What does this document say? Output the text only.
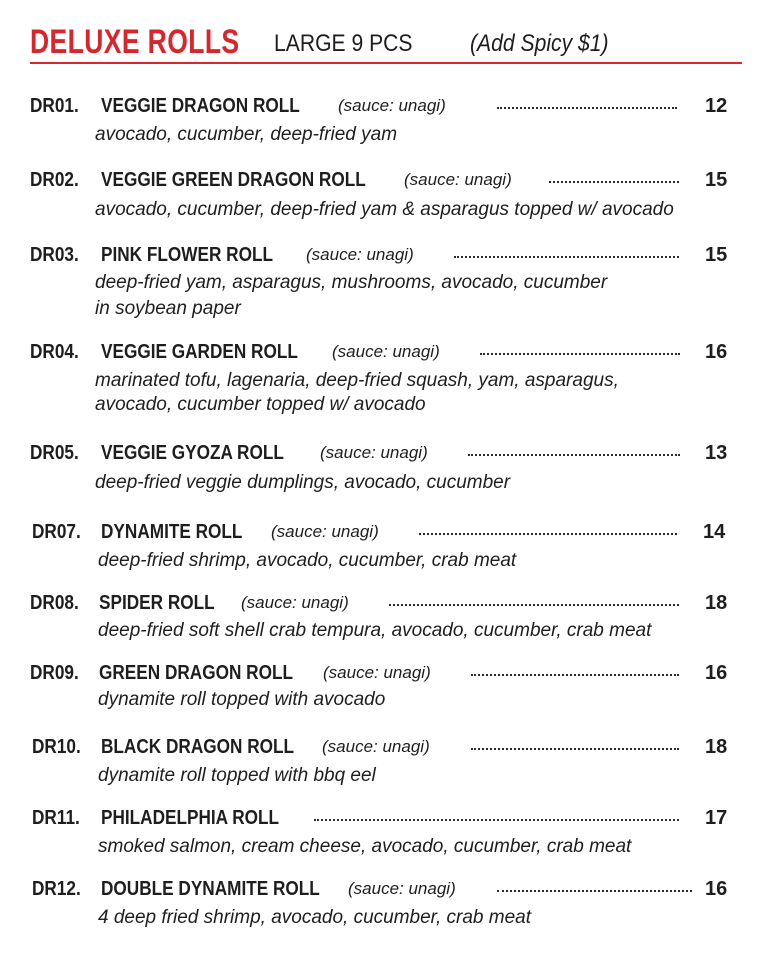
DELUXE ROLLS LARGE 9 PCS (Add Spicy $1)
DR01. VEGGIE DRAGON ROLL (sauce: unagi)	12
avocado, cucumber, deep-fried yam
DR02. VEGGIE GREEN DRAGON ROLL (sauce: unagi)	15
avocado, cucumber, deep-fried yam & asparagus topped w/ avocado
DR03. PINK FLOWER ROLL (sauce: unagi)	15
deep-fried yam, asparagus, mushrooms, avocado, cucumber
in soybean paper
DR04. VEGGIE GARDEN ROLL (sauce: unagi)	16
marinated tofu, lagenaria, deep-fried squash, yam, asparagus,
avocado, cucumber topped w/ avocado
DR05. VEGGIE GYOZA ROLL (sauce: unagi)	13
deep-fried veggie dumplings, avocado, cucumber
DR07. DYNAMITE ROLL (sauce: unagi)	14
deep-fried shrimp, avocado, cucumber, crab meat
DR08. SPIDER ROLL (sauce: unagi)	18
deep-fried soft shell crab tempura, avocado, cucumber, crab meat
DR09. GREEN DRAGON ROLL (sauce: unagi)	16
dynamite roll topped with avocado
DR10. BLACK DRAGON ROLL (sauce: unagi)	18
dynamite roll topped with bbq eel
DR11. PHILADELPHIA ROLL	17
smoked salmon, cream cheese, avocado, cucumber, crab meat
DR12. DOUBLE DYNAMITE ROLL (sauce: unagi)	16
4 deep fried shrimp, avocado, cucumber, crab meat
